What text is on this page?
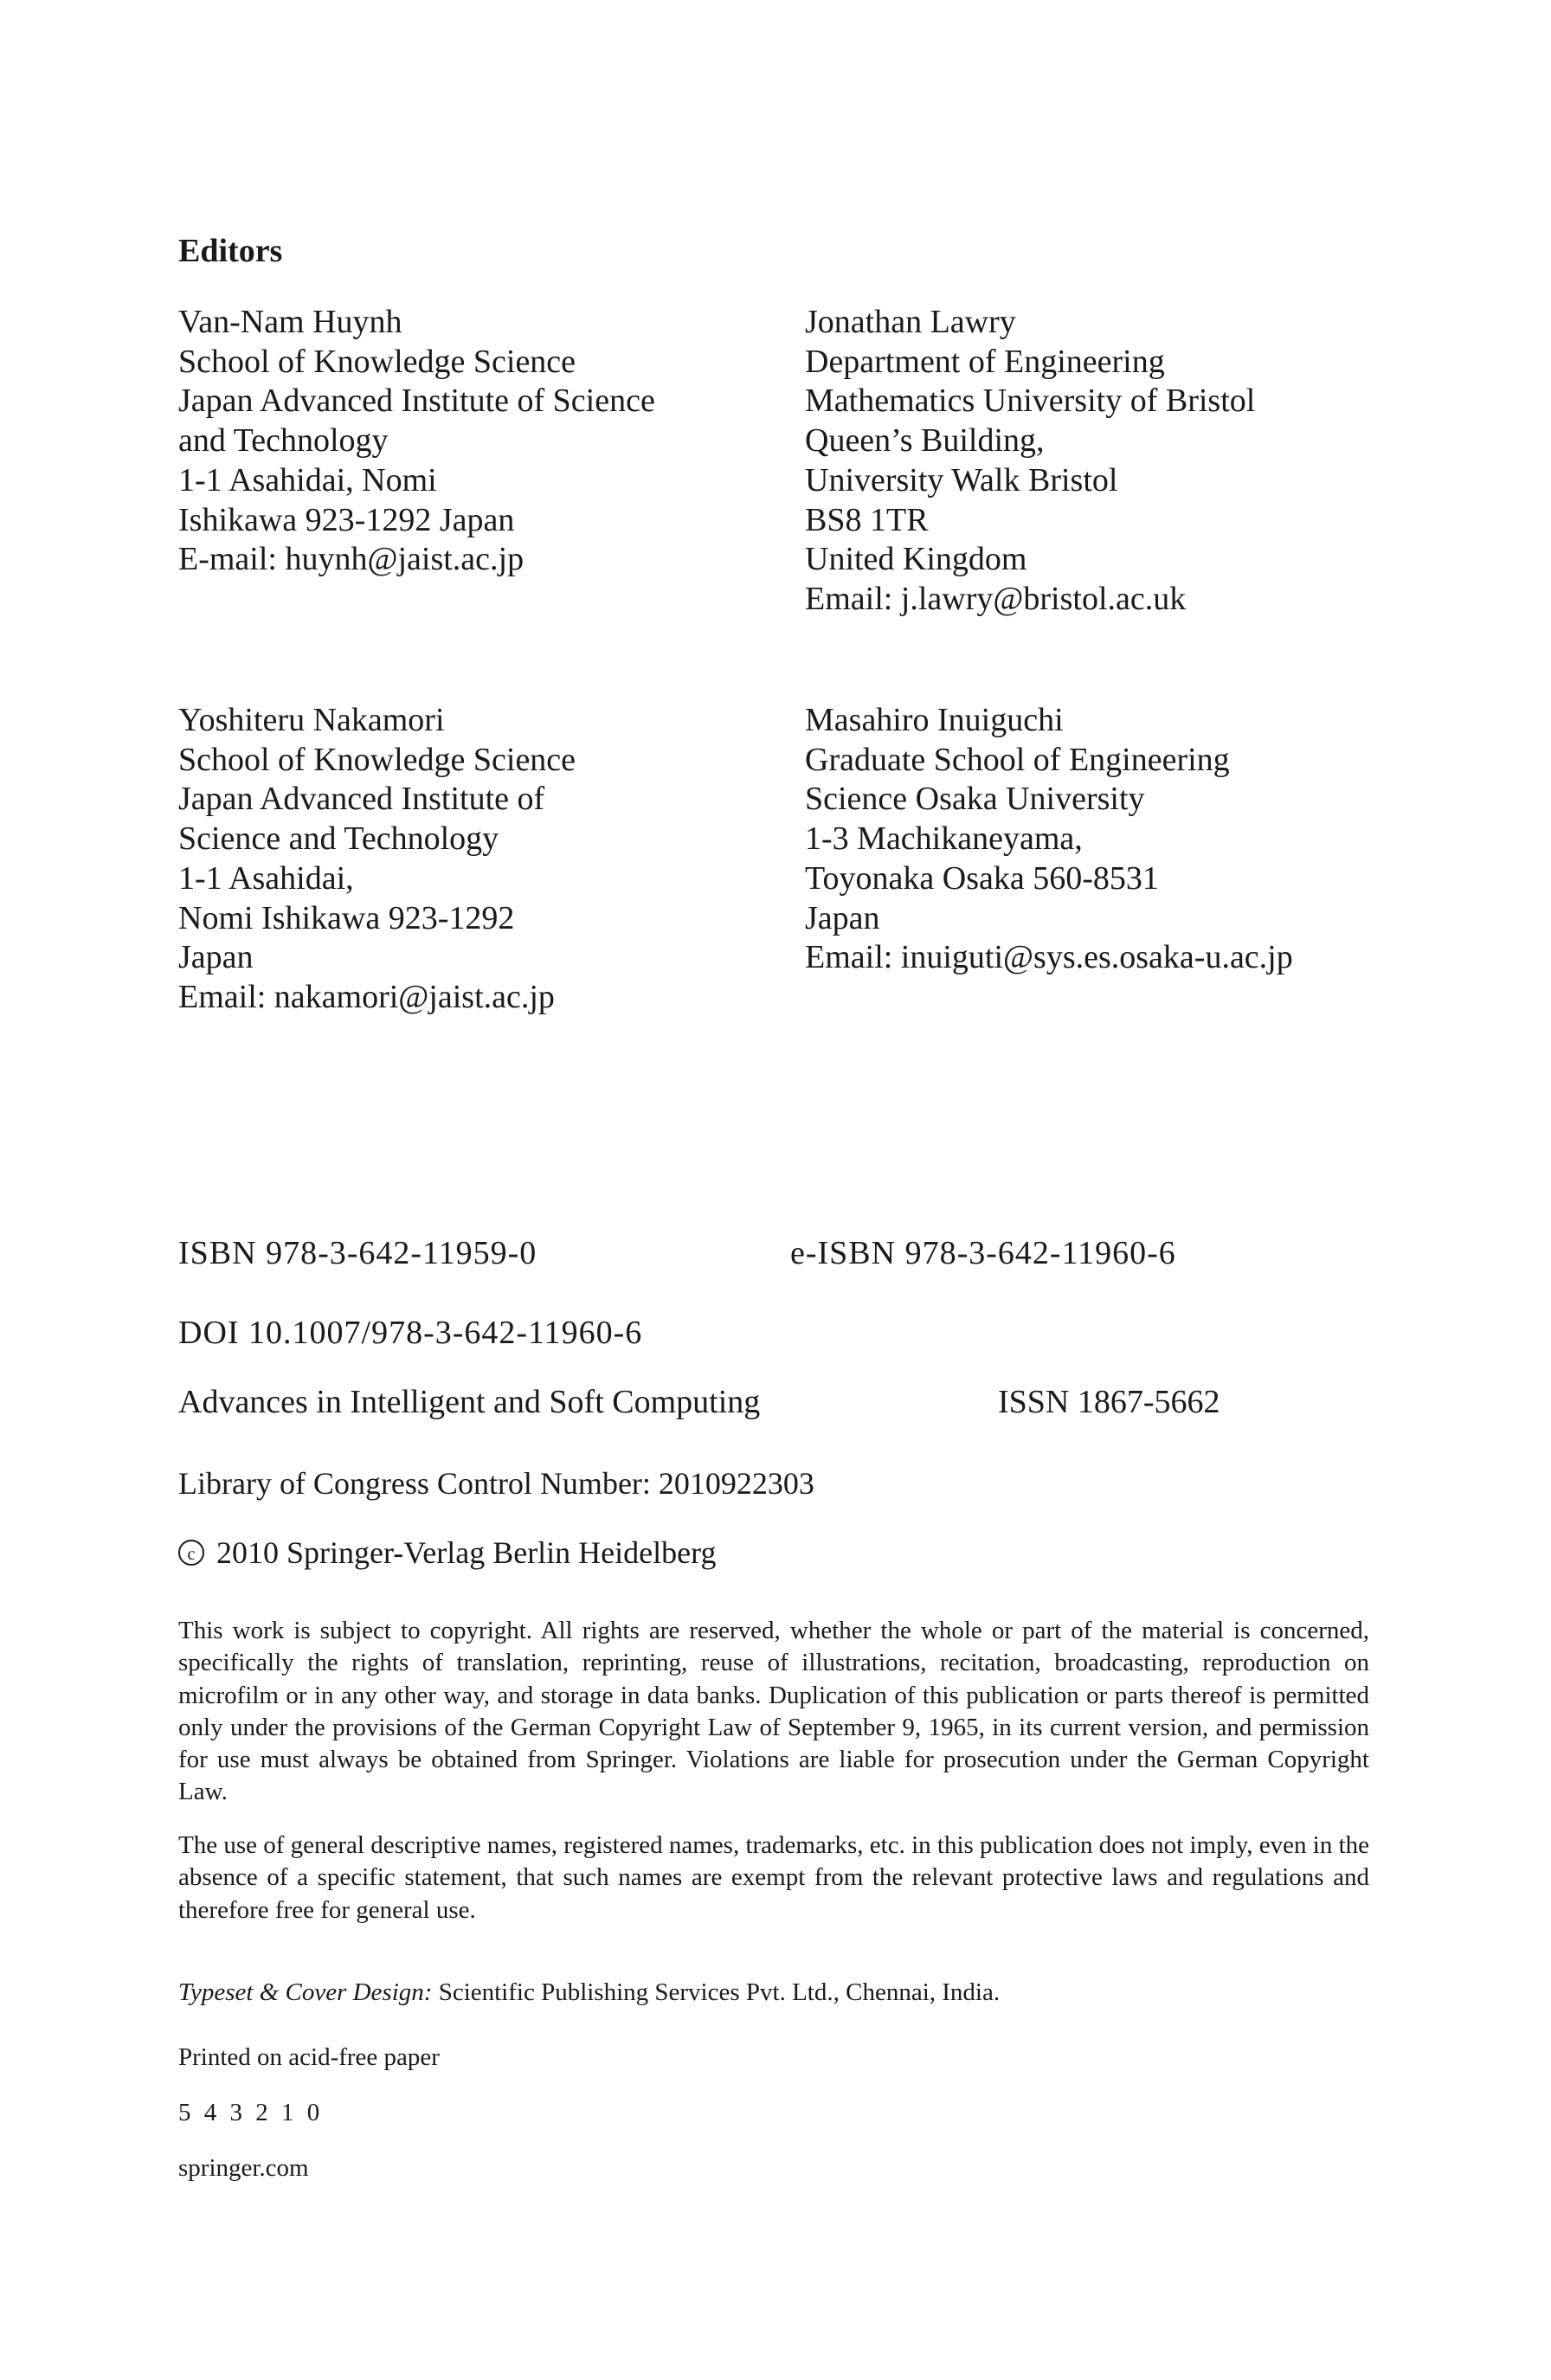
Editors
Van-Nam Huynh
School of Knowledge Science
Japan Advanced Institute of Science
and Technology
1-1 Asahidai, Nomi
Ishikawa 923-1292 Japan
E-mail: huynh@jaist.ac.jp
Jonathan Lawry
Department of Engineering
Mathematics University of Bristol
Queen’s Building,
University Walk Bristol
BS8 1TR
United Kingdom
Email: j.lawry@bristol.ac.uk
Yoshiteru Nakamori
School of Knowledge Science
Japan Advanced Institute of
Science and Technology
1-1 Asahidai,
Nomi Ishikawa 923-1292
Japan
Email: nakamori@jaist.ac.jp
Masahiro Inuiguchi
Graduate School of Engineering
Science Osaka University
1-3 Machikaneyama,
Toyonaka Osaka 560-8531
Japan
Email: inuiguti@sys.es.osaka-u.ac.jp
ISBN 978-3-642-11959-0	e-ISBN 978-3-642-11960-6
DOI 10.1007/978-3-642-11960-6
Advances in Intelligent and Soft Computing	ISSN 1867-5662
Library of Congress Control Number: 2010922303
c 2010 Springer-Verlag Berlin Heidelberg
This work is subject to copyright. All rights are reserved, whether the whole or part of the material is concerned, specifically the rights of translation, reprinting, reuse of illustrations, recitation, broadcasting, reproduction on microfilm or in any other way, and storage in data banks. Duplication of this publication or parts thereof is permitted only under the provisions of the German Copyright Law of September 9, 1965, in its current version, and permission for use must always be obtained from Springer. Violations are liable for prosecution under the German Copyright Law.
The use of general descriptive names, registered names, trademarks, etc. in this publication does not imply, even in the absence of a specific statement, that such names are exempt from the relevant protective laws and regulations and therefore free for general use.
Typeset & Cover Design: Scientific Publishing Services Pvt. Ltd., Chennai, India.
Printed on acid-free paper
5 4 3 2 1 0
springer.com
